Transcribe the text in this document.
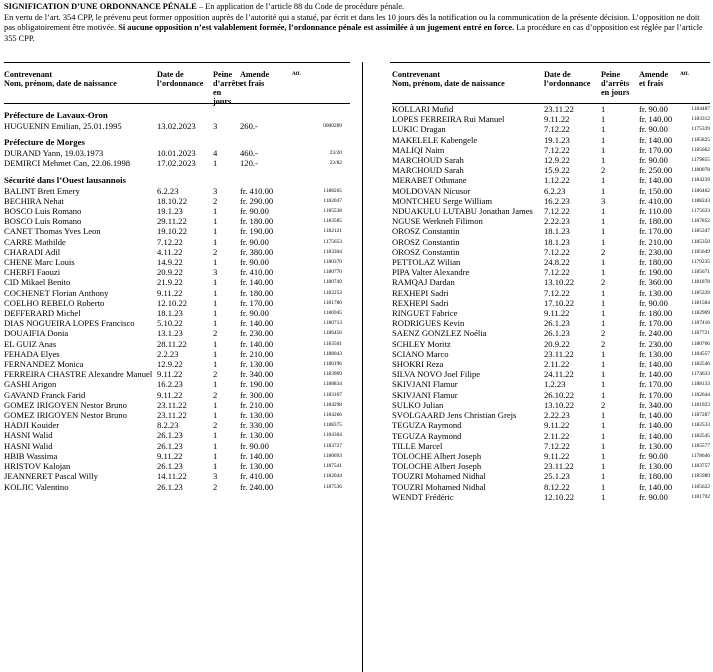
SIGNIFICATION D’UNE ORDONNANCE PÉNALE – En application de l’article 88 du Code de procédure pénale.
En vertu de l’art. 354 CPP, le prévenu peut former opposition auprès de l’autorité qui a statué, par écrit et dans les 10 jours dès la notification ou la communication de la présente décision. L’opposition ne doit pas obligatoirement être motivée. Si aucune opposition n’est valablement formée, l’ordonnance pénale est assimilée à un jugement entré en force. La procédure en cas d’opposition est réglée par l’article 355 CPP.
Contrevenant
Nom, prénom, date de naissance
Date de
l’ordonnance
Peine
d’arrêts
en jours
Amende
et frais
Aff.
Préfecture de Lavaux-Oron
HUGUENIN Emilian, 25.01.1995	13.02.2023	3	260.-	0000289
Préfecture de Morges
DURAND Yann, 19.03.1973	10.01.2023	4	460.-	23/20
DEMIRCI Mehmet Can, 22.06.1998	17.02.2023	1	120.-	23/82
Sécurité dans l’Ouest lausannois
BALINT Brett Emery	6.2.23	3	fr. 410.00	1188265
BECHIRA Nehat	18.10.22	2	fr. 290.00	1182047
BOSCO Luis Romano	19.1.23	1	fr. 90.00	1185538
BOSCO Luis Romano	29.11.22	1	fr. 180.00	1183585
CANET Thomas Yves Leon	19.10.22	1	fr. 190.00	1182121
CARRE Mathilde	7.12.22	1	fr. 90.00	1175653
CHARADI Adil	4.11.22	2	fr. 380.00	1183304
CHENE Marc Louis	14.9.22	1	fr. 90.00	1180370
CHERFI Faouzi	20.9.22	3	fr. 410.00	1180770
CID Mikael Benito	21.9.22	1	fr. 140.00	1180749
COCHENET Florian Anthony	9.11.22	1	fr. 180.00	1182253
COELHO REBELO Roberto	12.10.22	1	fr. 170.00	1181780
DEFFERARD Michel	18.1.23	1	fr. 90.00	1186945
DIAS NOGUEIRA LOPES Francisco	5.10.22	1	fr. 140.00	1180713
DOUAIFIA Donia	13.1.23	2	fr. 230.00	1186456
EL GUIZ Anas	28.11.22	1	fr. 140.00	1183501
FEHADA Elyes	2.2.23	1	fr. 210.00	1188043
FERNANDEZ Monica	12.9.22	1	fr. 130.00	1180196
FERREIRA CHASTRE Alexandre Manuel 9.11.22	2	fr. 340.00	1183909
GASHI Arigon	16.2.23	1	fr. 190.00	1188834
GAVAND Franck Farid	9.11.22	2	fr. 300.00	1183167
GOMEZ IRIGOYEN Nestor Bruno	23.11.22	1	fr. 210.00	1184298
GOMEZ IRIGOYEN Nestor Bruno	23.11.22	1	fr. 130.00	1184266
HADJI Kouider	8.2.23	2	fr. 330.00	1188375
HASNI Walid	26.1.23	1	fr. 130.00	1184364
HASNI Walid	26.1.23	1	fr. 90.00	1183727
HBIB Wassima	9.11.22	1	fr. 140.00	1180693
HRISTOV Kalojan	26.1.23	1	fr. 130.00	1187541
JEANNERET Pascal Willy	14.11.22	3	fr. 410.00	1182044
KOLJIC Valentino	26.1.23	2	fr. 240.00	1187536
Contrevenant
Nom, prénom, date de naissance
Date de
l’ordonnance
Peine
d’arrêts
en jours
Amende
et frais
Aff.
KOLLARI Mufid	23.11.22	1	fr. 90.00	1184487
LOPES FERREIRA Rui Manuel	9.11.22	1	fr. 140.00	1183312
LUKIC Dragan	7.12.22	1	fr. 90.00	1175339
MAKELELE Kabengele	19.1.23	1	fr. 140.00	1185825
MALIQI Naim	7.12.22	1	fr. 170.00	1185662
MARCHOUD Sarah	12.9.22	1	fr. 90.00	1179855
MARCHOUD Sarah	15.9.22	2	fr. 250.00	1180078
MERABET Othmane	1.12.22	1	fr. 140.00	1184239
MOLDOVAN Nicusor	6.2.23	1	fr. 150.00	1186462
MONTCHEU Serge William	16.2.23	3	fr. 410.00	1188243
NDUAKULU LUTABU Jonathan James	7.12.22	1	fr. 110.00	1175633
NGUSE Werkneh Filimon	2.22.23	1	fr. 180.00	1187852
OROSZ Constantin	18.1.23	1	fr. 170.00	1185347
OROSZ Constantin	18.1.23	1	fr. 210.00	1185350
OROSZ Constantin	7.12.22	2	fr. 230.00	1185649
PETTOLAZ Wilian	24.8.22	1	fr. 180.00	1179235
PIPA Valter Alexandre	7.12.22	1	fr. 190.00	1185671
RAMQAJ Dardan	13.10.22	2	fr. 360.00	1181878
REXHEPI Sadri	7.12.22	1	fr. 130.00	1185339
REXHEPI Sadri	17.10.22	1	fr. 90.00	1181584
RINGUET Fabrice	9.11.22	1	fr. 180.00	1182909
RODRIGUES Kevin	26.1.23	1	fr. 170.00	1187416
SAENZ GONZLEZ Noélia	26.1.23	2	fr. 240.00	1187721
SCHLEY Moritz	20.9.22	2	fr. 230.00	1180766
SCIANO Marco	23.11.22	1	fr. 130.00	1184557
SHOKRI Reza	2.11.22	1	fr. 140.00	1182546
SILVA NOVO Joel Filipe	24.11.22	1	fr. 140.00	1174633
SKIVJANI Flamur	1.2.23	1	fr. 170.00	1188133
SKIVJANI Flamur	26.10.22	1	fr. 170.00	1182644
SULKO Julian	13.10.22	2	fr. 340.00	1181923
SVOLGAARD Jens Christian Grejs	2.22.23	1	fr. 140.00	1187287
TEGUZA Raymond	9.11.22	1	fr. 140.00	1182533
TEGUZA Raymond	2.11.22	1	fr. 140.00	1182545
TILLE Marcel	7.12.22	1	fr. 130.00	1185577
TOLOCHE Albert Joseph	9.11.22	1	fr. 90.00	1178646
TOLOCHE Albert Joseph	23.11.22	1	fr. 130.00	1183757
TOUZRI Mohamed Nidhal	25.1.23	1	fr. 180.00	1185989
TOUZRI Mohamed Nidhal	8.12.22	1	fr. 140.00	1185622
WENDT Frédéric	12.10.22	1	fr. 90.00	1181792
